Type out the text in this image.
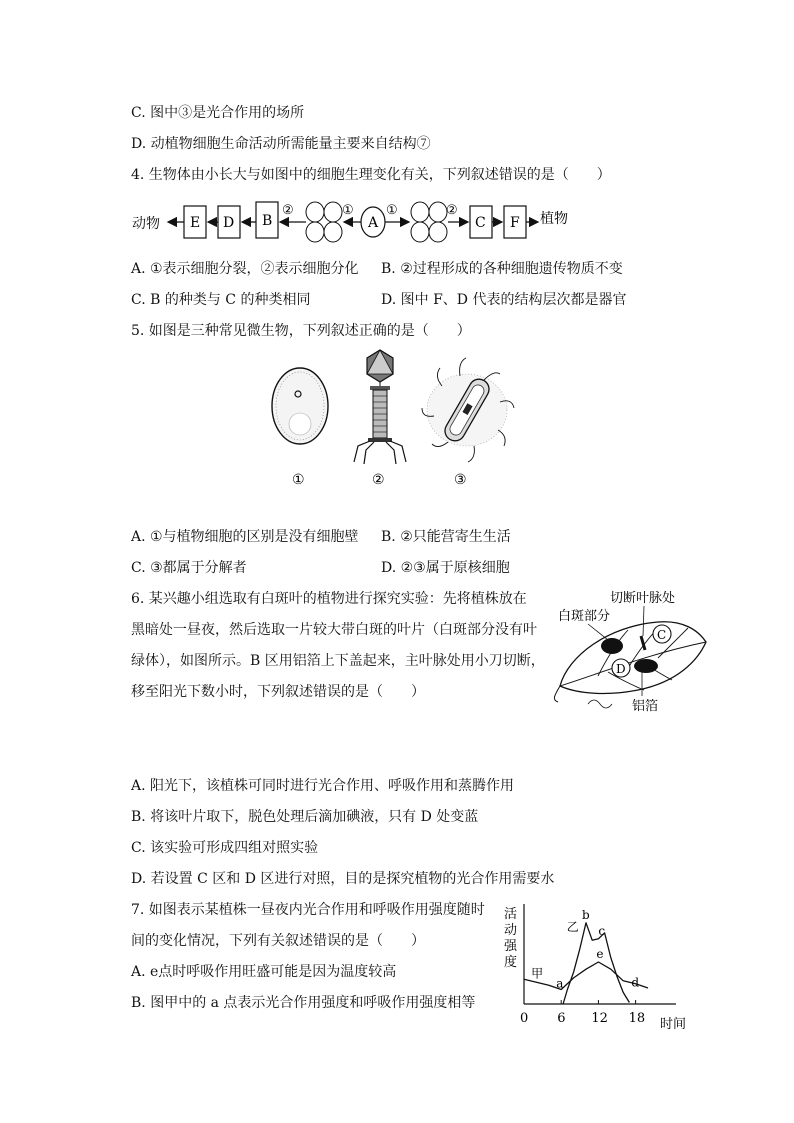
C. 图中③是光合作用的场所
D. 动植物细胞生命活动所需能量主要来自结构⑦
4. 生物体由小长大与如图中的细胞生理变化有关，下列叙述错误的是（　　）
动物 E D B
②	①
A
①	②
C F 植物
A. ①表示细胞分裂，②表示细胞分化 B. ②过程形成的各种细胞遗传物质不变
C. B 的种类与 C 的种类相同	D. 图中 F、D 代表的结构层次都是器官
5. 如图是三种常见微生物，下列叙述正确的是（　　）
①	②	③
A. ①与植物细胞的区别是没有细胞壁 B. ②只能营寄生生活
C. ③都属于分解者	D. ②③属于原核细胞
6. 某兴趣小组选取有白斑叶的植物进行探究实验：先将植株放在
黑暗处一昼夜，然后选取一片较大带白斑的叶片（白斑部分没有叶
绿体），如图所示。B 区用铝箔上下盖起来，主叶脉处用小刀切断，
移至阳光下数小时，下列叙述错误的是（　　）
切断叶脉处
白斑部分
C
D
铝箔
A. 阳光下，该植株可同时进行光合作用、呼吸作用和蒸腾作用
B. 将该叶片取下，脱色处理后滴加碘液，只有 D 处变蓝
C. 该实验可形成四组对照实验
D. 若设置 C 区和 D 区进行对照，目的是探究植物的光合作用需要水
7. 如图表示某植株一昼夜内光合作用和呼吸作用强度随时
间的变化情况，下列有关叙述错误的是（　　）
A. e点时呼吸作用旺盛可能是因为温度较高
B. 图甲中的 a 点表示光合作用强度和呼吸作用强度相等
活
动
强
度
0 6 12 18
乙
甲
a
b
c
d
e
时间
